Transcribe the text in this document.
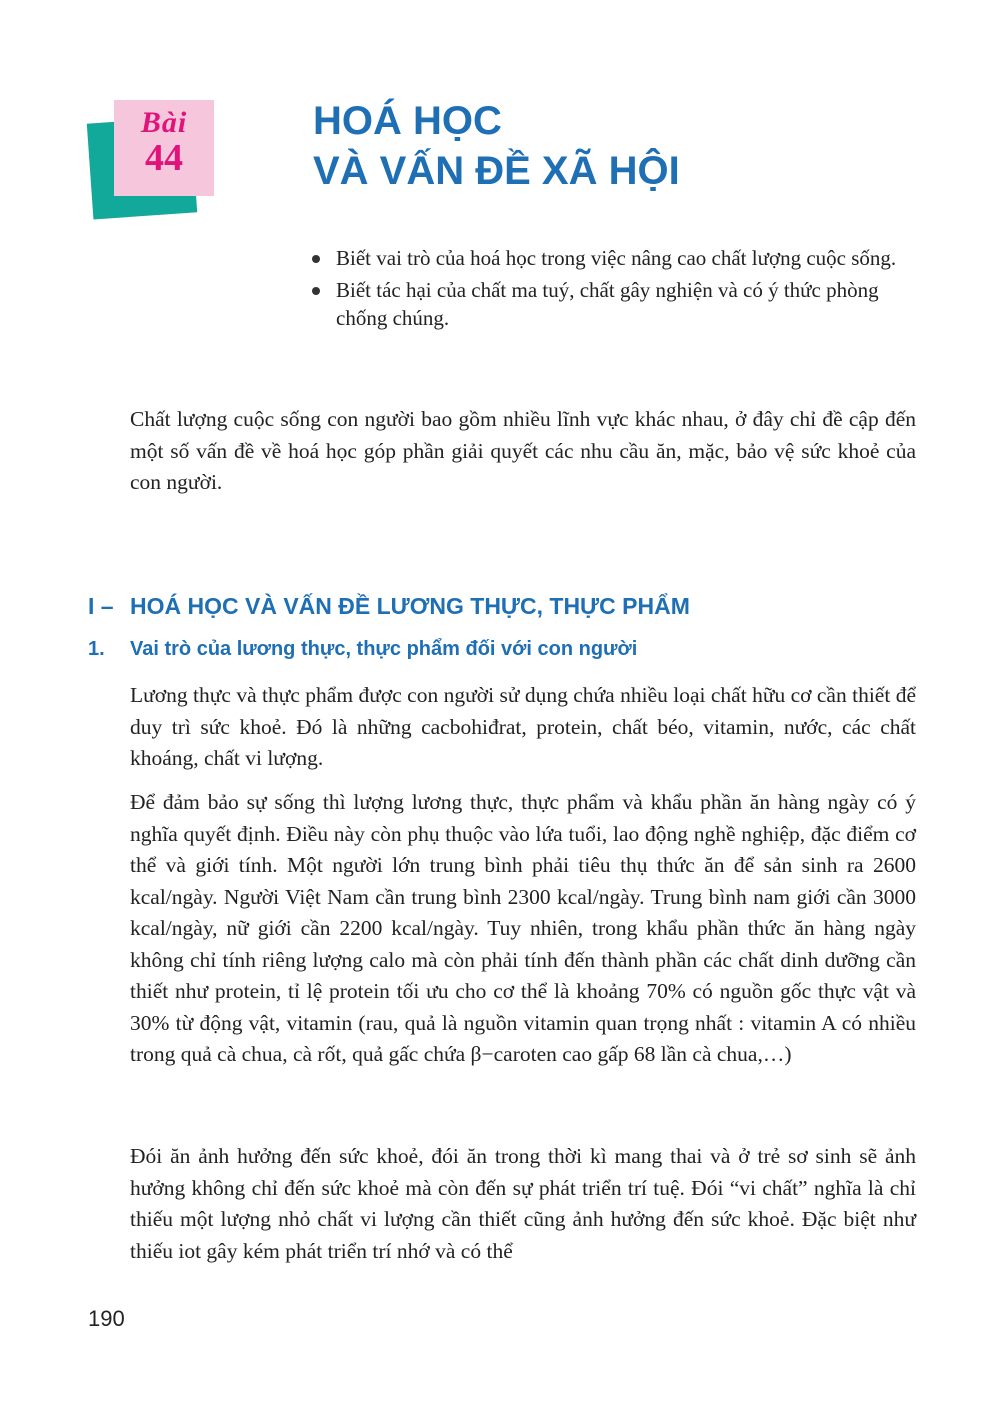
Bài
44
HOÁ HỌC
VÀ VẤN ĐỀ XÃ HỘI
Biết vai trò của hoá học trong việc nâng cao chất lượng cuộc sống.
Biết tác hại của chất ma tuý, chất gây nghiện và có ý thức phòng chống chúng.

Chất lượng cuộc sống con người bao gồm nhiều lĩnh vực khác nhau, ở đây chỉ đề cập đến một số vấn đề về hoá học góp phần giải quyết các nhu cầu ăn, mặc, bảo vệ sức khoẻ của con người.

I – HOÁ HỌC VÀ VẤN ĐỀ LƯƠNG THỰC, THỰC PHẨM
1. Vai trò của lương thực, thực phẩm đối với con người

Lương thực và thực phẩm được con người sử dụng chứa nhiều loại chất hữu cơ cần thiết để duy trì sức khoẻ. Đó là những cacbohiđrat, protein, chất béo, vitamin, nước, các chất khoáng, chất vi lượng.

Để đảm bảo sự sống thì lượng lương thực, thực phẩm và khẩu phần ăn hàng ngày có ý nghĩa quyết định. Điều này còn phụ thuộc vào lứa tuổi, lao động nghề nghiệp, đặc điểm cơ thể và giới tính. Một người lớn trung bình phải tiêu thụ thức ăn để sản sinh ra 2600 kcal/ngày. Người Việt Nam cần trung bình 2300 kcal/ngày. Trung bình nam giới cần 3000 kcal/ngày, nữ giới cần 2200 kcal/ngày. Tuy nhiên, trong khẩu phần thức ăn hàng ngày không chỉ tính riêng lượng calo mà còn phải tính đến thành phần các chất dinh dưỡng cần thiết như protein, tỉ lệ protein tối ưu cho cơ thể là khoảng 70% có nguồn gốc thực vật và 30% từ động vật, vitamin (rau, quả là nguồn vitamin quan trọng nhất : vitamin A có nhiều trong quả cà chua, cà rốt, quả gấc chứa β−caroten cao gấp 68 lần cà chua,…)

Đói ăn ảnh hưởng đến sức khoẻ, đói ăn trong thời kì mang thai và ở trẻ sơ sinh sẽ ảnh hưởng không chỉ đến sức khoẻ mà còn đến sự phát triển trí tuệ. Đói “vi chất” nghĩa là chỉ thiếu một lượng nhỏ chất vi lượng cần thiết cũng ảnh hưởng đến sức khoẻ. Đặc biệt như thiếu iot gây kém phát triển trí nhớ và có thể

190
